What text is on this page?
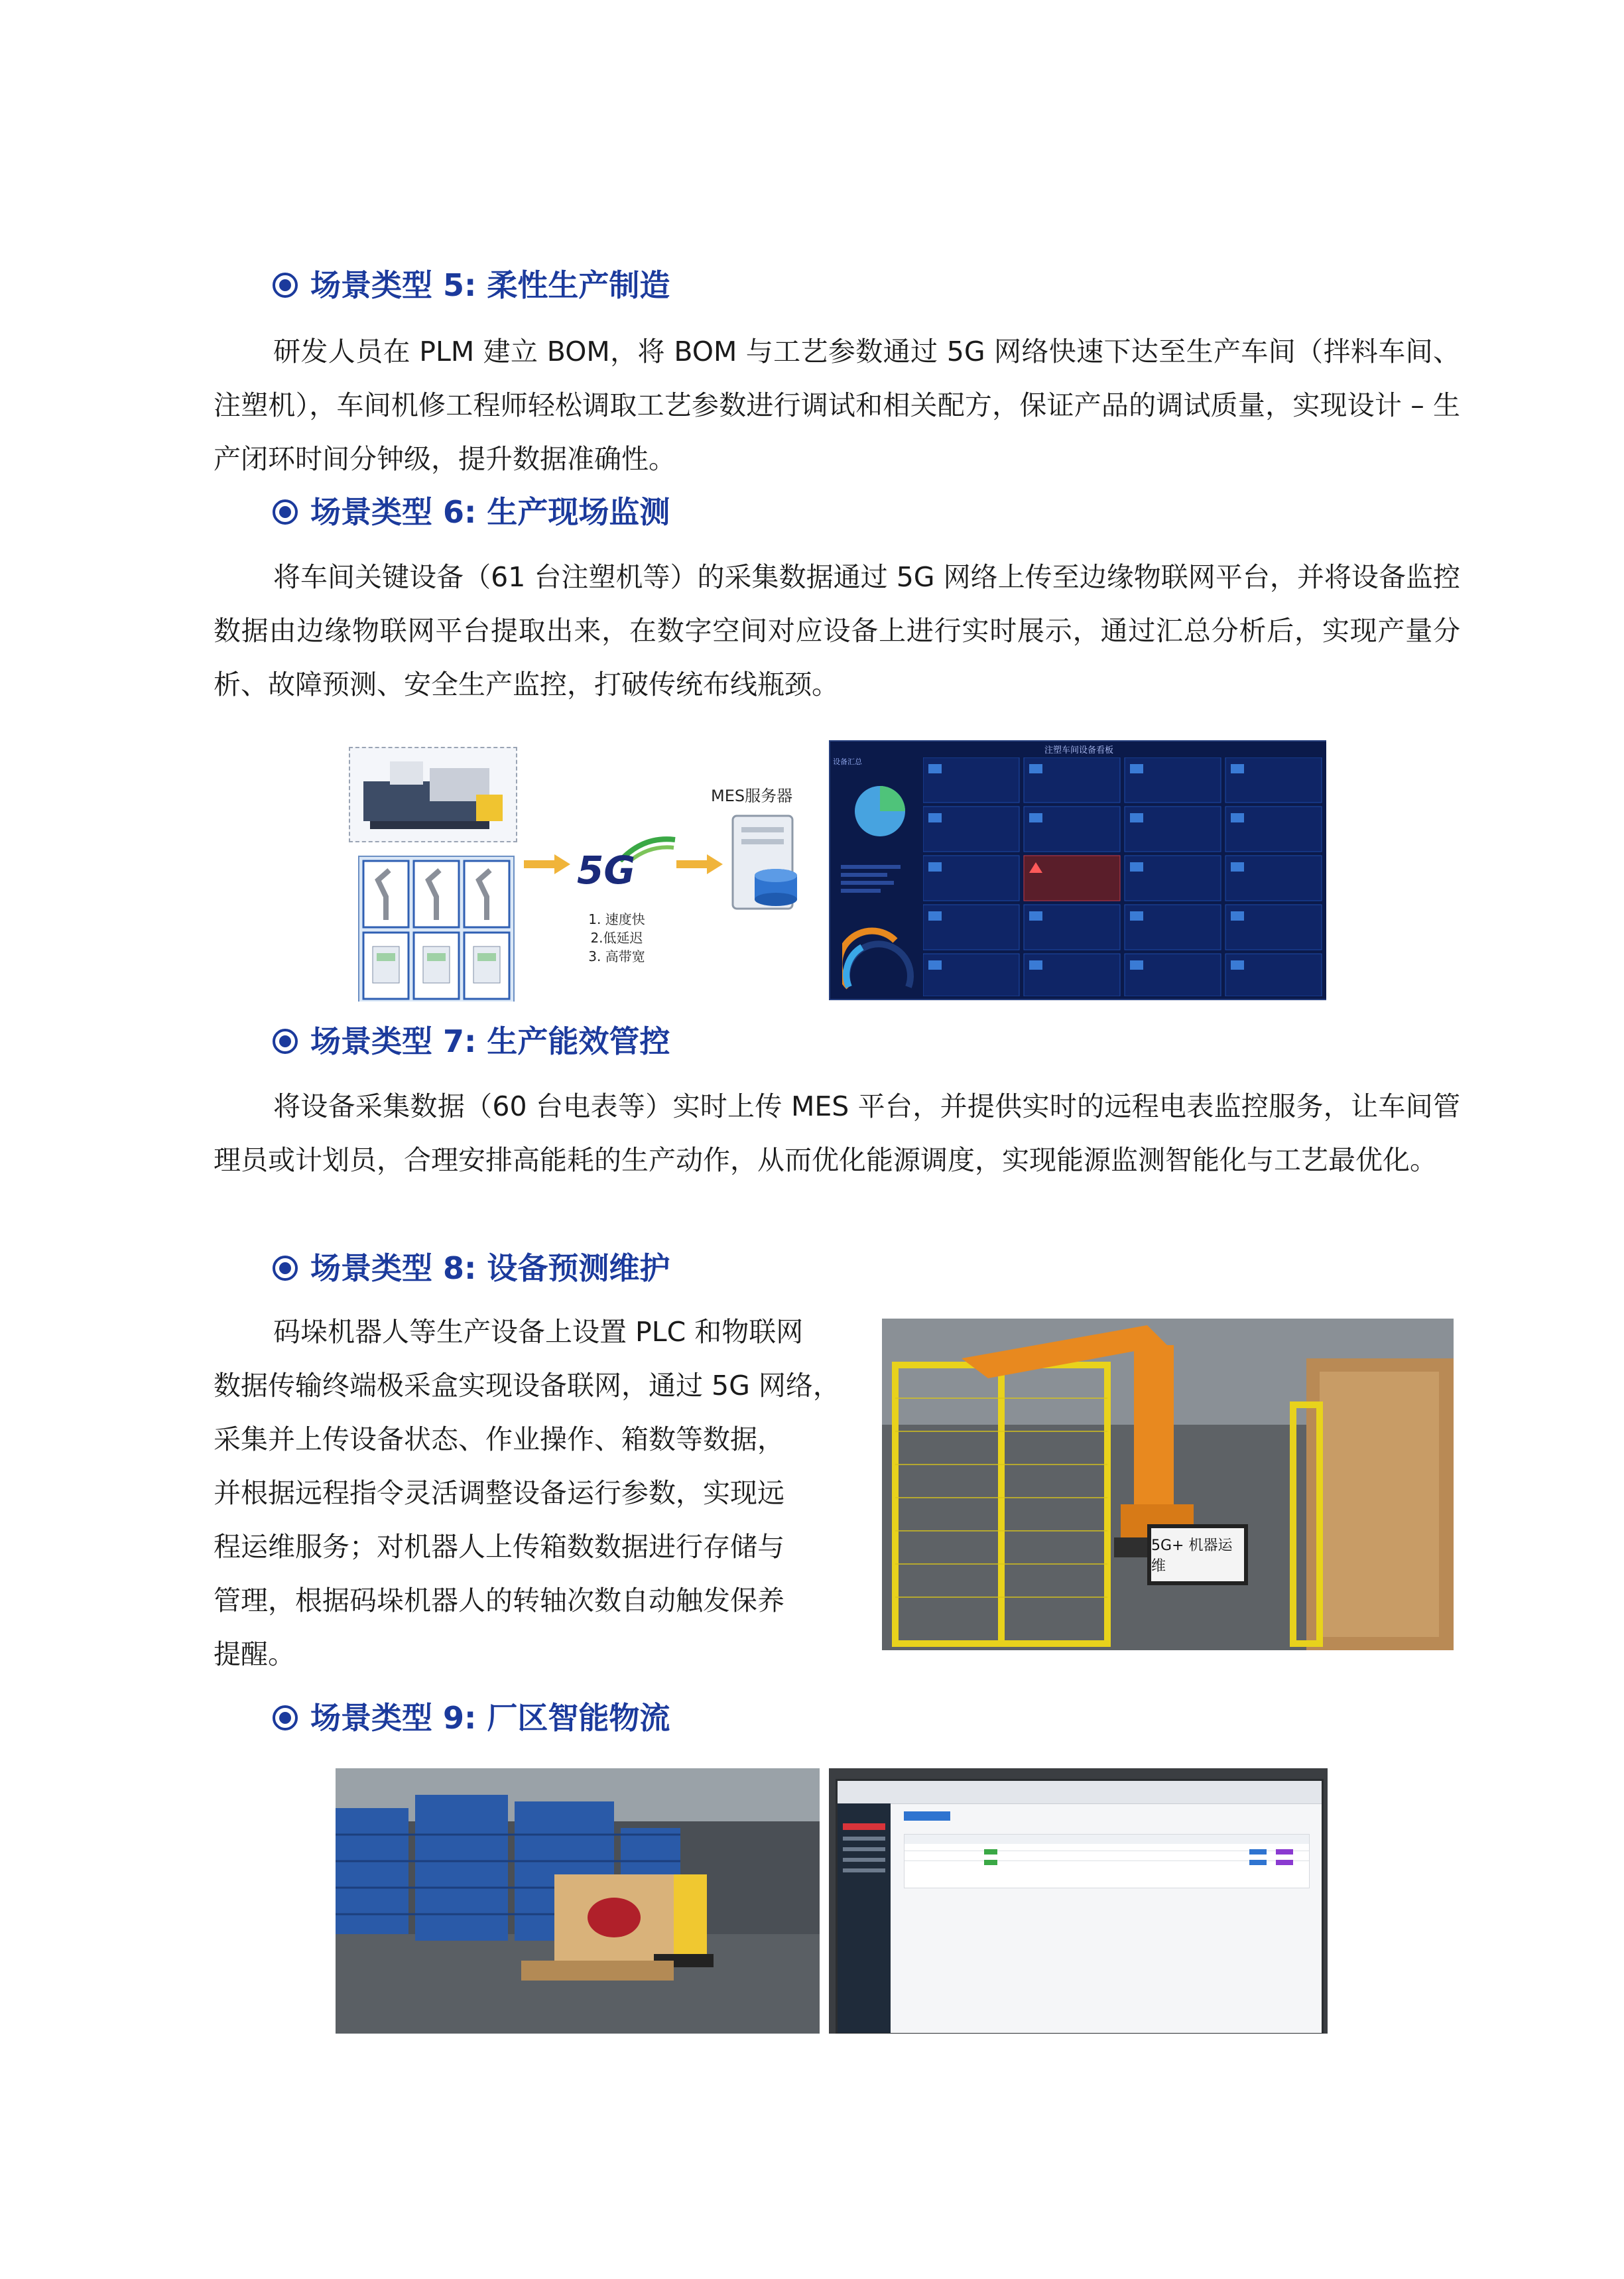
场景类型 5: 柔性生产制造

研发人员在 PLM 建立 BOM，将 BOM 与工艺参数通过 5G 网络快速下达至生产车间（拌料车间、注塑机），车间机修工程师轻松调取工艺参数进行调试和相关配方，保证产品的调试质量，实现设计 – 生产闭环时间分钟级，提升数据准确性。

场景类型 6: 生产现场监测

将车间关键设备（61 台注塑机等）的采集数据通过 5G 网络上传至边缘物联网平台，并将设备监控数据由边缘物联网平台提取出来，在数字空间对应设备上进行实时展示，通过汇总分析后，实现产量分析、故障预测、安全生产监控，打破传统布线瓶颈。

5G
1. 速度快
2.低延迟
3. 高带宽
MES服务器
注塑车间设备看板
设备汇总
场景类型 7: 生产能效管控

将设备采集数据（60 台电表等）实时上传 MES 平台，并提供实时的远程电表监控服务，让车间管理员或计划员，合理安排高能耗的生产动作，从而优化能源调度，实现能源监测智能化与工艺最优化。

场景类型 8: 设备预测维护
码垛机器人等生产设备上设置 PLC 和物联网
数据传输终端极采盒实现设备联网，通过 5G 网络，
采集并上传设备状态、作业操作、箱数等数据，
并根据远程指令灵活调整设备运行参数，实现远
程运维服务；对机器人上传箱数数据进行存储与
管理，根据码垛机器人的转轴次数自动触发保养
提醒。
5G+ 机器运维
场景类型 9: 厂区智能物流
